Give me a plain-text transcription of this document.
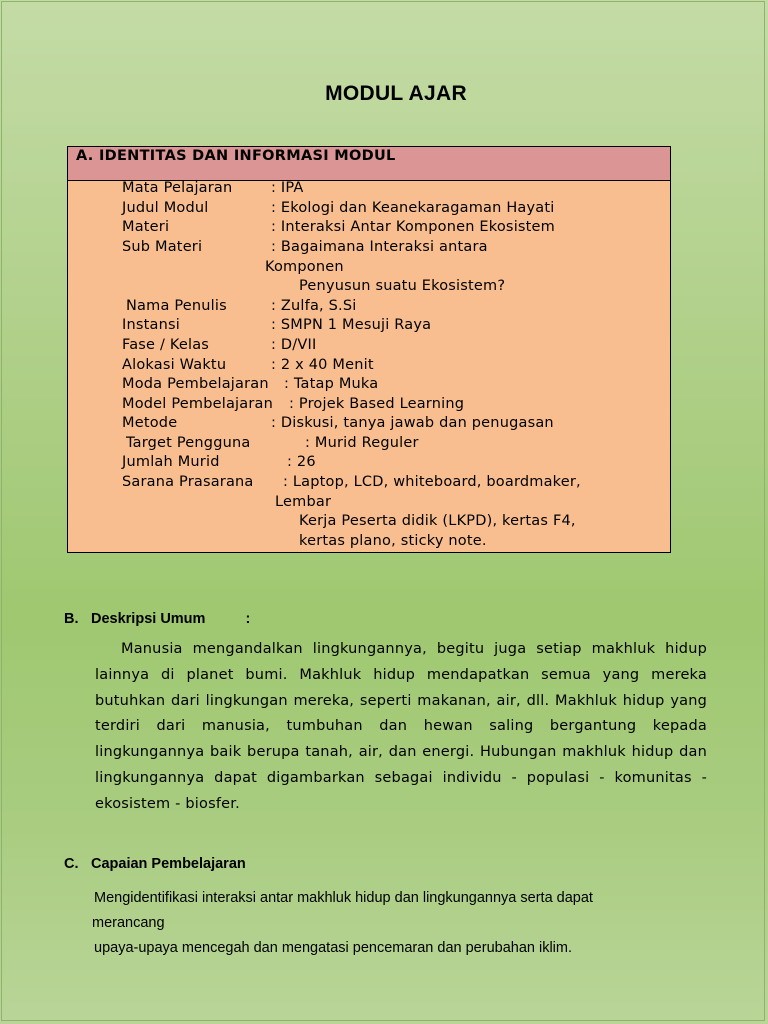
MODUL AJAR
A. IDENTITAS DAN INFORMASI MODUL
Mata Pelajaran	: IPA
Judul Modul	: Ekologi dan Keanekaragaman Hayati
Materi	: Interaksi Antar Komponen Ekosistem
Sub Materi	: Bagaimana Interaksi antara
Komponen
Penyusun suatu Ekosistem?
Nama Penulis	: Zulfa, S.Si
Instansi	: SMPN 1 Mesuji Raya
Fase / Kelas	: D/VII
Alokasi Waktu	: 2 x 40 Menit
Moda Pembelajaran : Tatap Muka
Model Pembelajaran : Projek Based Learning
Metode	: Diskusi, tanya jawab dan penugasan
Target Pengguna	: Murid Reguler
Jumlah Murid	: 26
Sarana Prasarana : Laptop, LCD, whiteboard, boardmaker,
Lembar
Kerja Peserta didik (LKPD), kertas F4,
kertas plano, sticky note.
B. Deskripsi Umum	:
Manusia mengandalkan lingkungannya, begitu juga setiap makhluk hidup lainnya di planet bumi. Makhluk hidup mendapatkan semua yang mereka butuhkan dari lingkungan mereka, seperti makanan, air, dll. Makhluk hidup yang terdiri dari manusia, tumbuhan dan hewan saling bergantung kepada lingkungannya baik berupa tanah, air, dan energi. Hubungan makhluk hidup dan lingkungannya dapat digambarkan sebagai individu - populasi - komunitas - ekosistem - biosfer.
C. Capaian Pembelajaran
Mengidentifikasi interaksi antar makhluk hidup dan lingkungannya serta dapat
merancang
upaya-upaya mencegah dan mengatasi pencemaran dan perubahan iklim.
